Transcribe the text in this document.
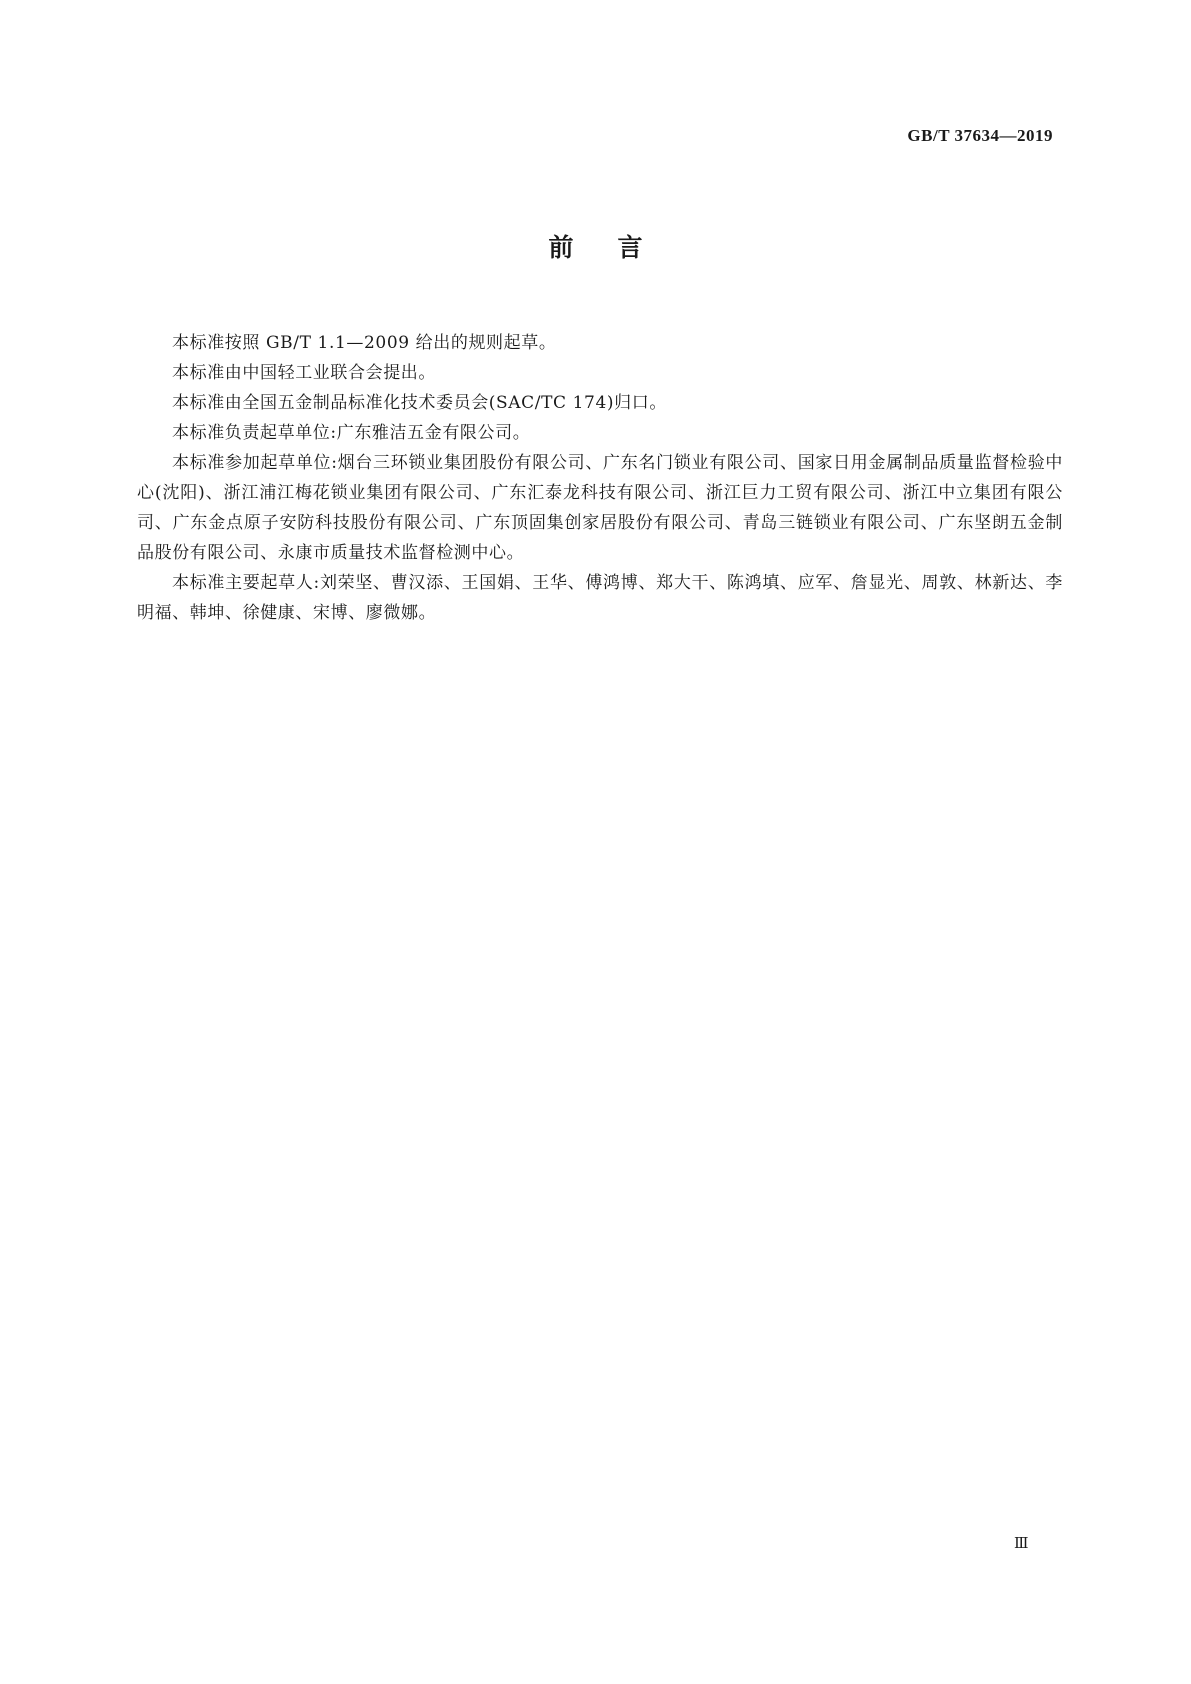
GB/T 37634—2019
前言

本标准按照 GB/T 1.1—2009 给出的规则起草。

本标准由中国轻工业联合会提出。

本标准由全国五金制品标准化技术委员会(SAC/TC 174)归口。

本标准负责起草单位:广东雅洁五金有限公司。

本标准参加起草单位:烟台三环锁业集团股份有限公司、广东名门锁业有限公司、国家日用金属制品质量监督检验中心(沈阳)、浙江浦江梅花锁业集团有限公司、广东汇泰龙科技有限公司、浙江巨力工贸有限公司、浙江中立集团有限公司、广东金点原子安防科技股份有限公司、广东顶固集创家居股份有限公司、青岛三链锁业有限公司、广东坚朗五金制品股份有限公司、永康市质量技术监督检测中心。

本标准主要起草人:刘荣坚、曹汉添、王国娟、王华、傅鸿博、郑大干、陈鸿填、应军、詹显光、周敦、林新达、李明福、韩坤、徐健康、宋博、廖微娜。

Ⅲ
